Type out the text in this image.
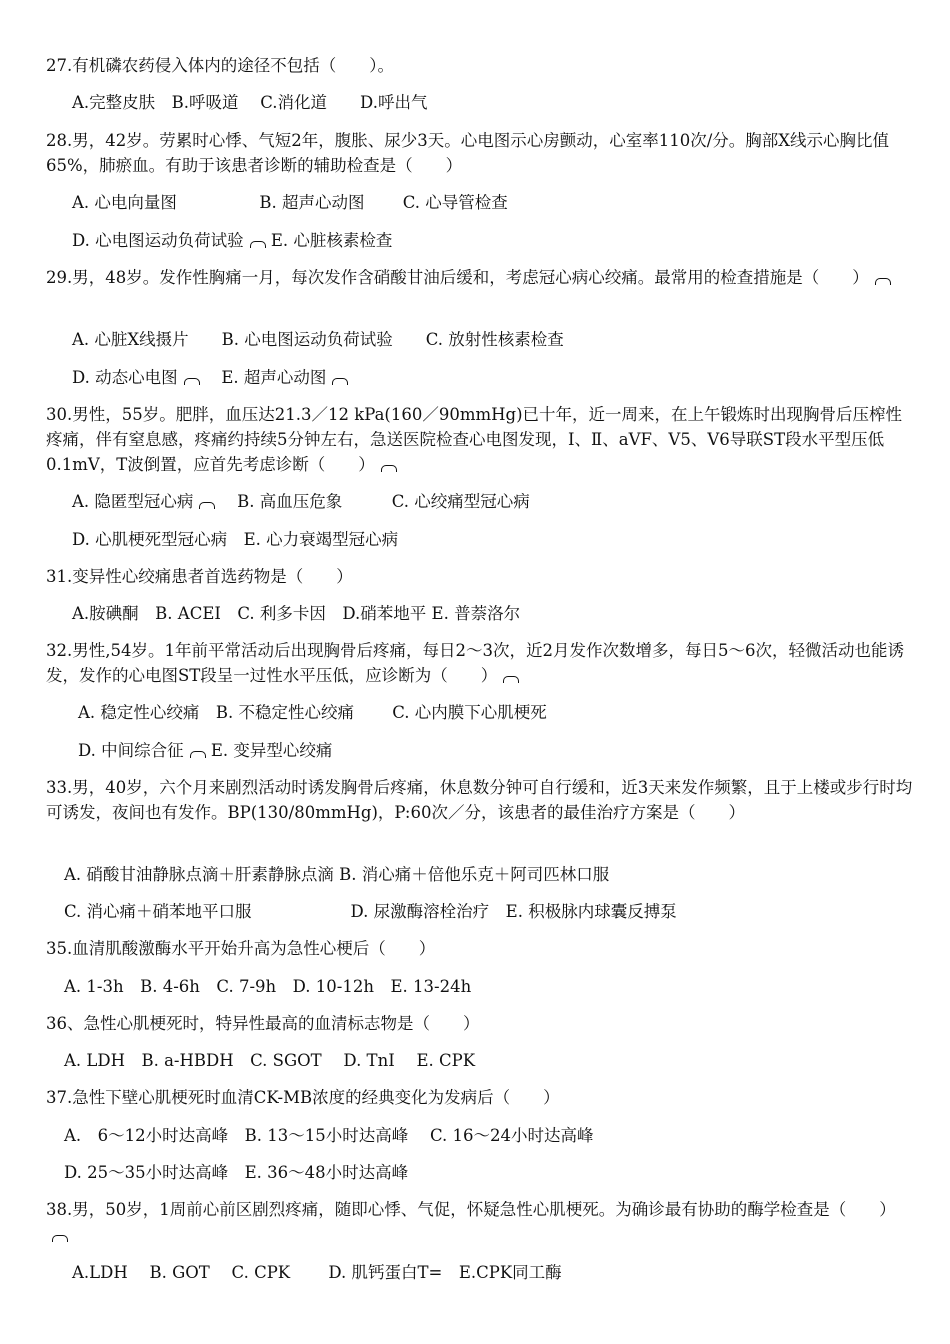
27.有机磷农药侵入体内的途径不包括（　　）。
A.完整皮肤　B.呼吸道　 C.消化道　　D.呼出气
28.男，42岁。劳累时心悸、气短2年，腹胀、尿少3天。心电图示心房颤动，心室率110次/分。胸部X线示心胸比值65%，肺瘀血。有助于该患者诊断的辅助检查是（　　）
A. 心电向量图　　　　　B. 超声心动图　　 C. 心导管检查
D. 心电图运动负荷试验 E. 心脏核素检查
29.男，48岁。发作性胸痛一月，每次发作含硝酸甘油后缓和，考虑冠心病心绞痛。最常用的检查措施是（　　）
A. 心脏X线摄片　　B. 心电图运动负荷试验　　C. 放射性核素检查
D. 动态心电图　	E. 超声心动图
30.男性，55岁。肥胖，血压达21.3／12 kPa(160／90mmHg)已十年，近一周来，在上午锻炼时出现胸骨后压榨性疼痛，伴有窒息感，疼痛约持续5分钟左右，急送医院检查心电图发现，Ⅰ、Ⅱ、aVF、V5、V6导联ST段水平型压低0.1mV，T波倒置，应首先考虑诊断（　　）
A. 隐匿型冠心病　	B. 高血压危象　　　C. 心绞痛型冠心病
D. 心肌梗死型冠心病　E. 心力衰竭型冠心病
31.变异性心绞痛患者首选药物是（　　）
A.胺碘酮　B. ACEI　C. 利多卡因　D.硝苯地平 E. 普萘洛尔
32.男性,54岁。1年前平常活动后出现胸骨后疼痛，每日2～3次，近2月发作次数增多，每日5～6次，轻微活动也能诱发，发作的心电图ST段呈一过性水平压低，应诊断为（　　）
A. 稳定性心绞痛　B. 不稳定性心绞痛　　 C. 心内膜下心肌梗死
D. 中间综合征 E. 变异型心绞痛
33.男，40岁，六个月来剧烈活动时诱发胸骨后疼痛，休息数分钟可自行缓和，近3天来发作频繁，且于上楼或步行时均可诱发，夜间也有发作。BP(130/80mmHg)，P:60次／分，该患者的最佳治疗方案是（　　）
A. 硝酸甘油静脉点滴＋肝素静脉点滴 B. 消心痛＋倍他乐克＋阿司匹林口服
C. 消心痛＋硝苯地平口服　　　　　　D. 尿激酶溶栓治疗　E. 积极脉内球囊反搏泵
35.血清肌酸激酶水平开始升高为急性心梗后（　　）
A. 1-3h　B. 4-6h　C. 7-9h　D. 10-12h　E. 13-24h
36、急性心肌梗死时，特异性最高的血清标志物是（　　）
A. LDH　B. a-HBDH　C. SGOT　 D. TnI　 E. CPK
37.急性下壁心肌梗死时血清CK-MB浓度的经典变化为发病后（　　）
A.　6～12小时达高峰　B. 13～15小时达高峰　 C. 16～24小时达高峰
D. 25～35小时达高峰　E. 36～48小时达高峰
38.男，50岁，1周前心前区剧烈疼痛，随即心悸、气促，怀疑急性心肌梗死。为确诊最有协助的酶学检查是（　　）
A.LDH　 B. GOT　 C. CPK　　 D. 肌钙蛋白T=　E.CPK同工酶
